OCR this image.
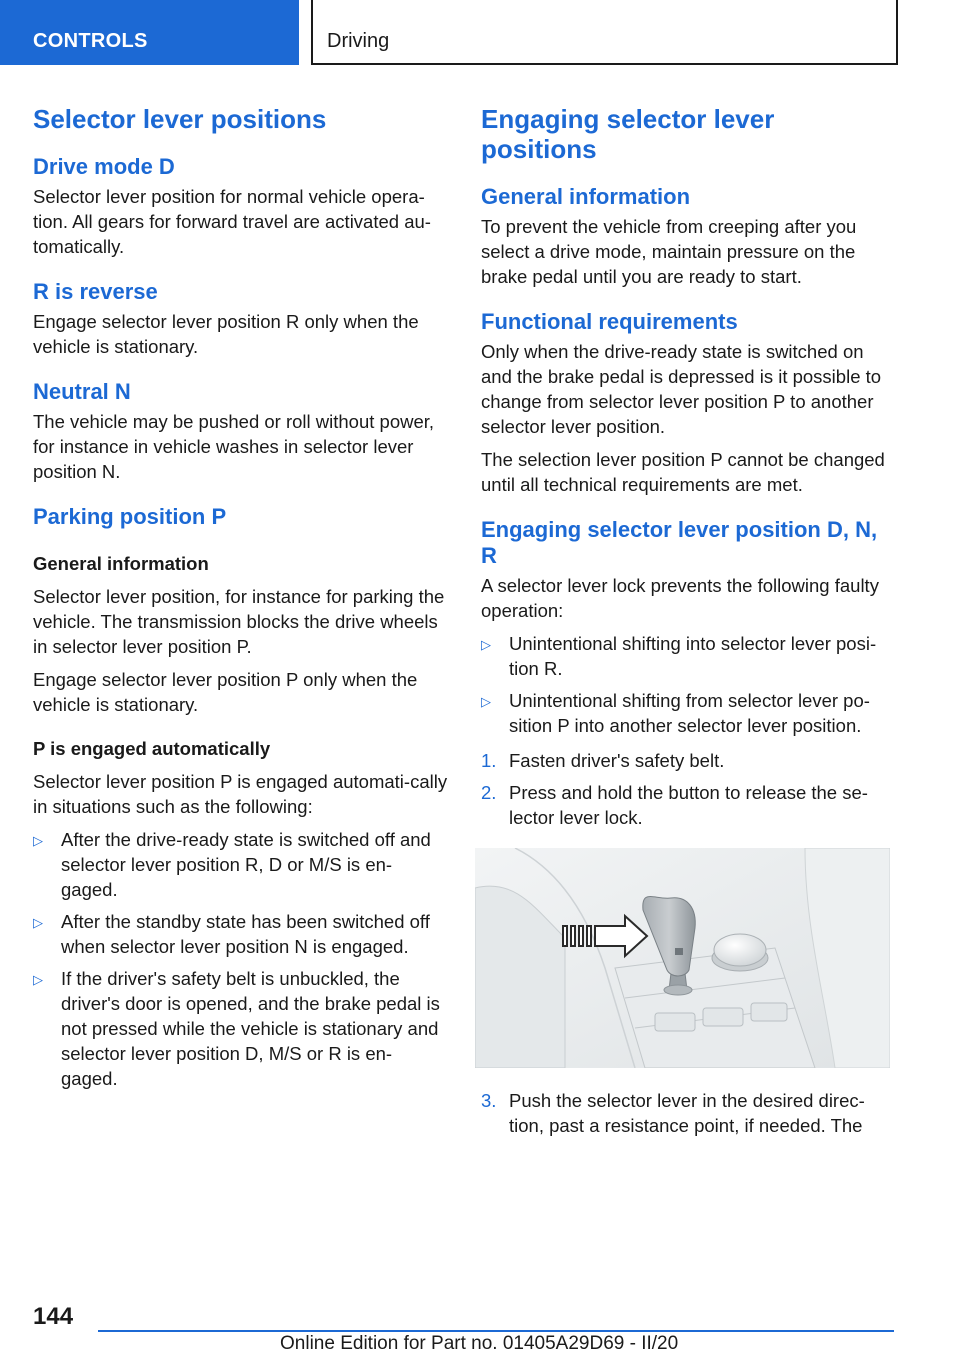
CONTROLS	Driving
Selector lever positions
Drive mode D

Selector lever position for normal vehicle opera-tion. All gears for forward travel are activated au-tomatically.

R is reverse

Engage selector lever position R only when the vehicle is stationary.

Neutral N

The vehicle may be pushed or roll without power, for instance in vehicle washes in selector lever position N.

Parking position P
General information

Selector lever position, for instance for parking the vehicle. The transmission blocks the drive wheels in selector lever position P.

Engage selector lever position P only when the vehicle is stationary.

P is engaged automatically

Selector lever position P is engaged automati-cally in situations such as the following:

▷ After the drive-ready state is switched off and selector lever position R, D or M/S is en-gaged.
▷ After the standby state has been switched off when selector lever position N is engaged.
▷ If the driver's safety belt is unbuckled, the driver's door is opened, and the brake pedal is not pressed while the vehicle is stationary and selector lever position D, M/S or R is en-gaged.
Engaging selector lever positions
General information

To prevent the vehicle from creeping after you select a drive mode, maintain pressure on the brake pedal until you are ready to start.

Functional requirements

Only when the drive-ready state is switched on and the brake pedal is depressed is it possible to change from selector lever position P to another selector lever position.

The selection lever position P cannot be changed until all technical requirements are met.

Engaging selector lever position D, N, R

A selector lever lock prevents the following faulty operation:

▷ Unintentional shifting into selector lever posi-tion R.
▷ Unintentional shifting from selector lever po-sition P into another selector lever position.
1. Fasten driver's safety belt.
2. Press and hold the button to release the se-lector lever lock.
3. Push the selector lever in the desired direc-tion, past a resistance point, if needed. The
144
Online Edition for Part no. 01405A29D69 - II/20
